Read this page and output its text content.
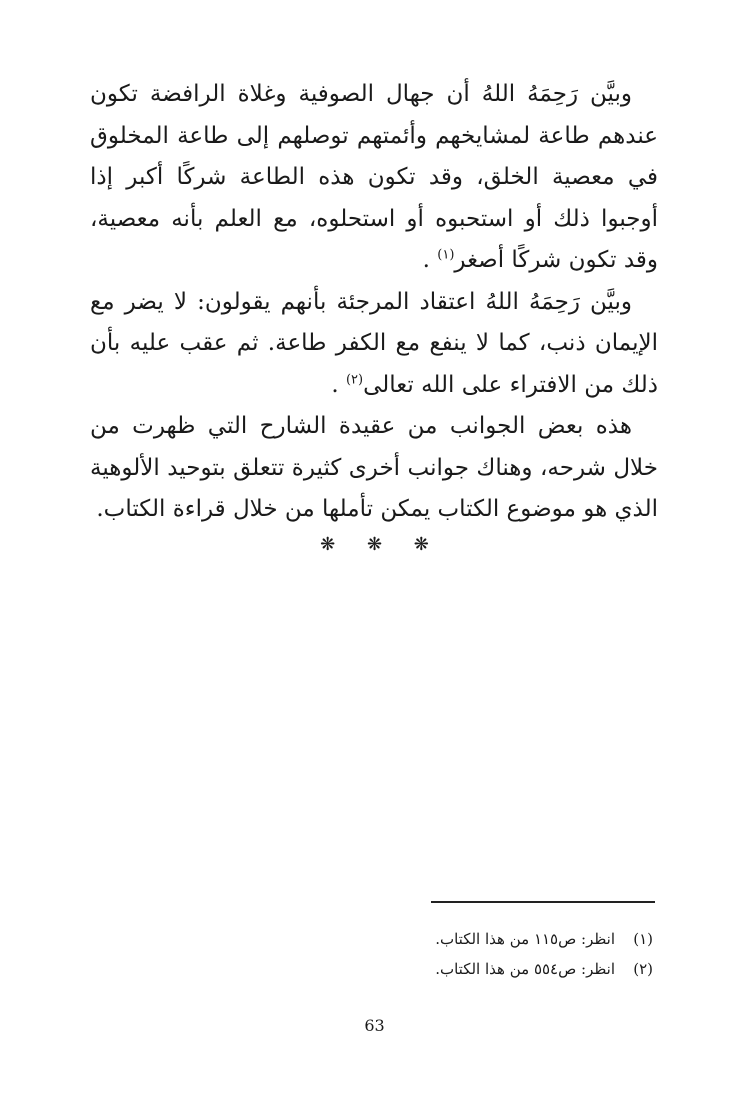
وبيَّن رَحِمَهُ اللهُ أن جهال الصوفية وغلاة الرافضة تكون عندهم طاعة لمشايخهم وأئمتهم توصلهم إلى طاعة المخلوق في معصية الخلق، وقد تكون هذه الطاعة شركًا أكبر إذا أوجبوا ذلك أو استحبوه أو استحلوه، مع العلم بأنه معصية، وقد تكون شركًا أصغر$^{(١)}$ .

وبيَّن رَحِمَهُ اللهُ اعتقاد المرجئة بأنهم يقولون: لا يضر مع الإيمان ذنب، كما لا ينفع مع الكفر طاعة. ثم عقب عليه بأن ذلك من الافتراء على الله تعالى$^{(٢)}$ .

هذه بعض الجوانب من عقيدة الشارح التي ظهرت من خلال شرحه، وهناك جوانب أخرى كثيرة تتعلق بتوحيد الألوهية الذي هو موضوع الكتاب يمكن تأملها من خلال قراءة الكتاب.

❋ ❋ ❋
(١)انظر: ص١١٥ من هذا الكتاب.
(٢)انظر: ص٥٥٤ من هذا الكتاب.
63
